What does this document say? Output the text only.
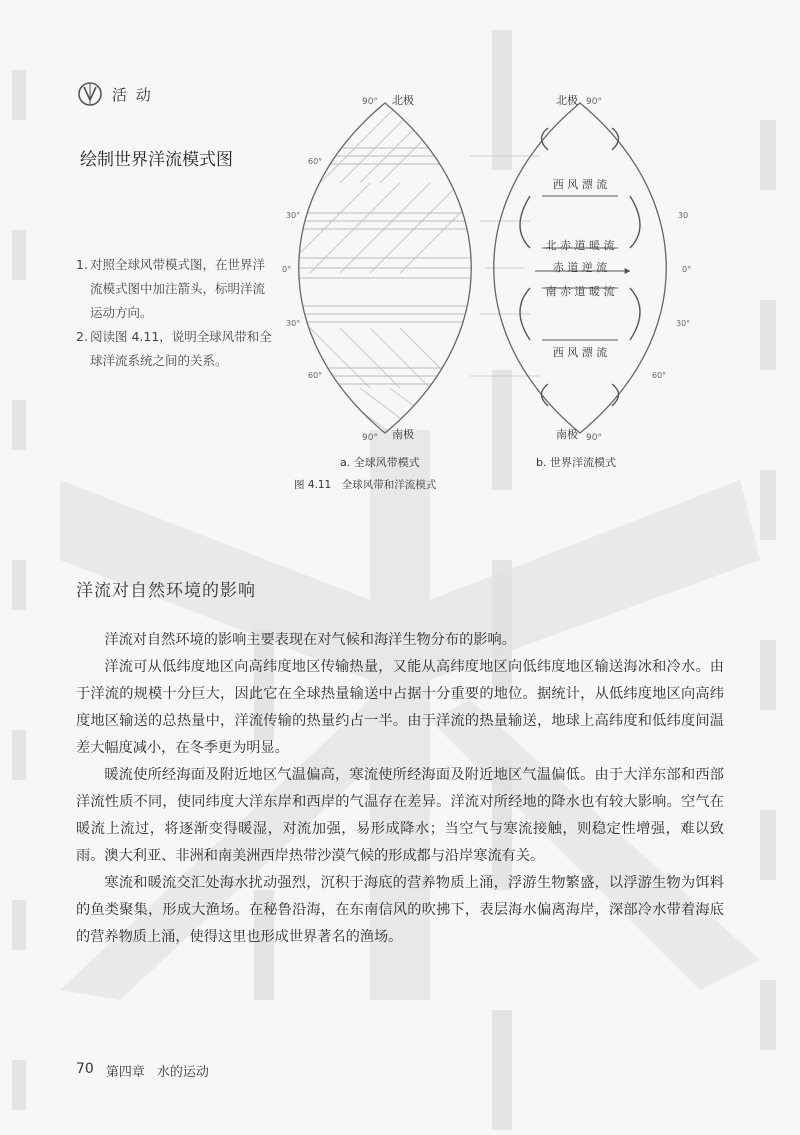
活 动
绘制世界洋流模式图
1. 对照全球风带模式图，在世界洋流模式图中加注箭头，标明洋流运动方向。
2. 阅读图 4.11，说明全球风带和全球洋流系统之间的关系。
90° 北极
60°
30°
0°
30°
60°
90° 南极
a. 全球风带模式
西 风 漂 流
北 赤 道 暖 流
赤 道 逆 流
南 赤 道 暖 流
西 风 漂 流
北极 90°
30
0°
30°
60°
南极 90°
b. 世界洋流模式
图 4.11　全球风带和洋流模式
洋流对自然环境的影响

洋流对自然环境的影响主要表现在对气候和海洋生物分布的影响。

洋流可从低纬度地区向高纬度地区传输热量，又能从高纬度地区向低纬度地区输送海冰和冷水。由于洋流的规模十分巨大，因此它在全球热量输送中占据十分重要的地位。据统计，从低纬度地区向高纬度地区输送的总热量中，洋流传输的热量约占一半。由于洋流的热量输送，地球上高纬度和低纬度间温差大幅度减小，在冬季更为明显。

暖流使所经海面及附近地区气温偏高，寒流使所经海面及附近地区气温偏低。由于大洋东部和西部洋流性质不同，使同纬度大洋东岸和西岸的气温存在差异。洋流对所经地的降水也有较大影响。空气在暖流上流过，将逐渐变得暖湿，对流加强，易形成降水；当空气与寒流接触，则稳定性增强，难以致雨。澳大利亚、非洲和南美洲西岸热带沙漠气候的形成都与沿岸寒流有关。

寒流和暖流交汇处海水扰动强烈，沉积于海底的营养物质上涌，浮游生物繁盛，以浮游生物为饵料的鱼类聚集，形成大渔场。在秘鲁沿海，在东南信风的吹拂下，表层海水偏离海岸，深部冷水带着海底的营养物质上涌，使得这里也形成世界著名的渔场。

70 第四章 水的运动
